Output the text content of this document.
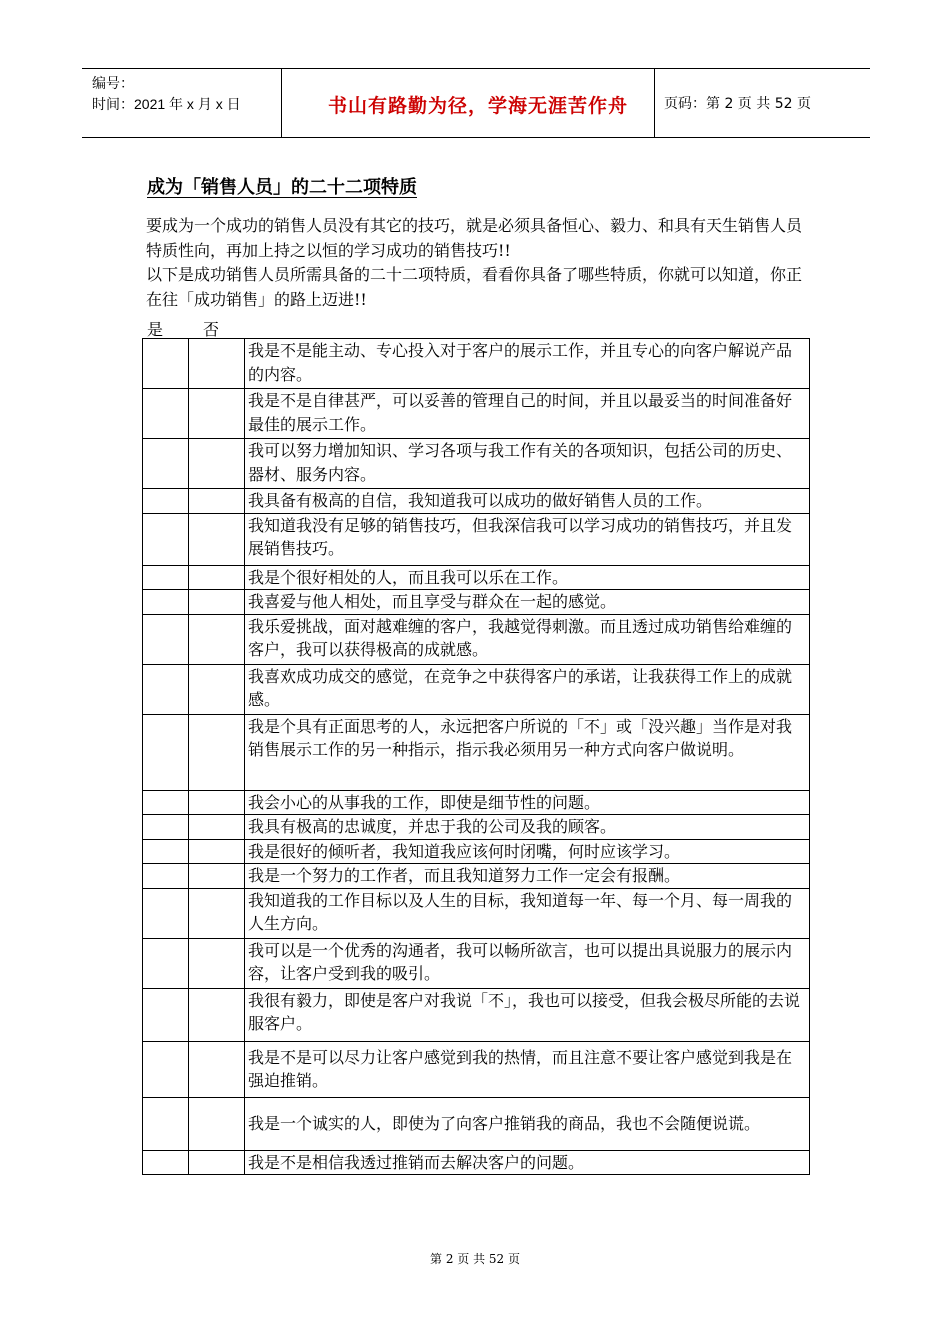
编号：
时间：2021 年 x 月 x 日	书山有路勤为径，学海无涯苦作舟	页码：第 2 页 共 52 页
成为「销售人员」的二十二项特质

要成为一个成功的销售人员没有其它的技巧，就是必须具备恒心、毅力、和具有天生销售人员特质性向，再加上持之以恒的学习成功的销售技巧!!

以下是成功销售人员所需具备的二十二项特质，看看你具备了哪些特质，你就可以知道，你正在往「成功销售」的路上迈进!!

是 否
		我是不是能主动、专心投入对于客户的展示工作，并且专心的向客户解说产品的内容。
		我是不是自律甚严，可以妥善的管理自己的时间，并且以最妥当的时间准备好最佳的展示工作。
		我可以努力增加知识、学习各项与我工作有关的各项知识，包括公司的历史、器材、服务内容。
		我具备有极高的自信，我知道我可以成功的做好销售人员的工作。
		我知道我没有足够的销售技巧，但我深信我可以学习成功的销售技巧，并且发展销售技巧。
		我是个很好相处的人，而且我可以乐在工作。
		我喜爱与他人相处，而且享受与群众在一起的感觉。
		我乐爱挑战，面对越难缠的客户，我越觉得刺激。而且透过成功销售给难缠的客户，我可以获得极高的成就感。
		我喜欢成功成交的感觉，在竞争之中获得客户的承诺，让我获得工作上的成就感。
		我是个具有正面思考的人，永远把客户所说的「不」或「没兴趣」当作是对我销售展示工作的另一种指示，指示我必须用另一种方式向客户做说明。
		我会小心的从事我的工作，即使是细节性的问题。
		我具有极高的忠诚度，并忠于我的公司及我的顾客。
		我是很好的倾听者，我知道我应该何时闭嘴，何时应该学习。
		我是一个努力的工作者，而且我知道努力工作一定会有报酬。
		我知道我的工作目标以及人生的目标，我知道每一年、每一个月、每一周我的人生方向。
		我可以是一个优秀的沟通者，我可以畅所欲言，也可以提出具说服力的展示内容，让客户受到我的吸引。
		我很有毅力，即使是客户对我说「不」，我也可以接受，但我会极尽所能的去说服客户。
		我是不是可以尽力让客户感觉到我的热情，而且注意不要让客户感觉到我是在强迫推销。
		我是一个诚实的人，即使为了向客户推销我的商品，我也不会随便说谎。
		我是不是相信我透过推销而去解决客户的问题。
第 2 页 共 52 页
